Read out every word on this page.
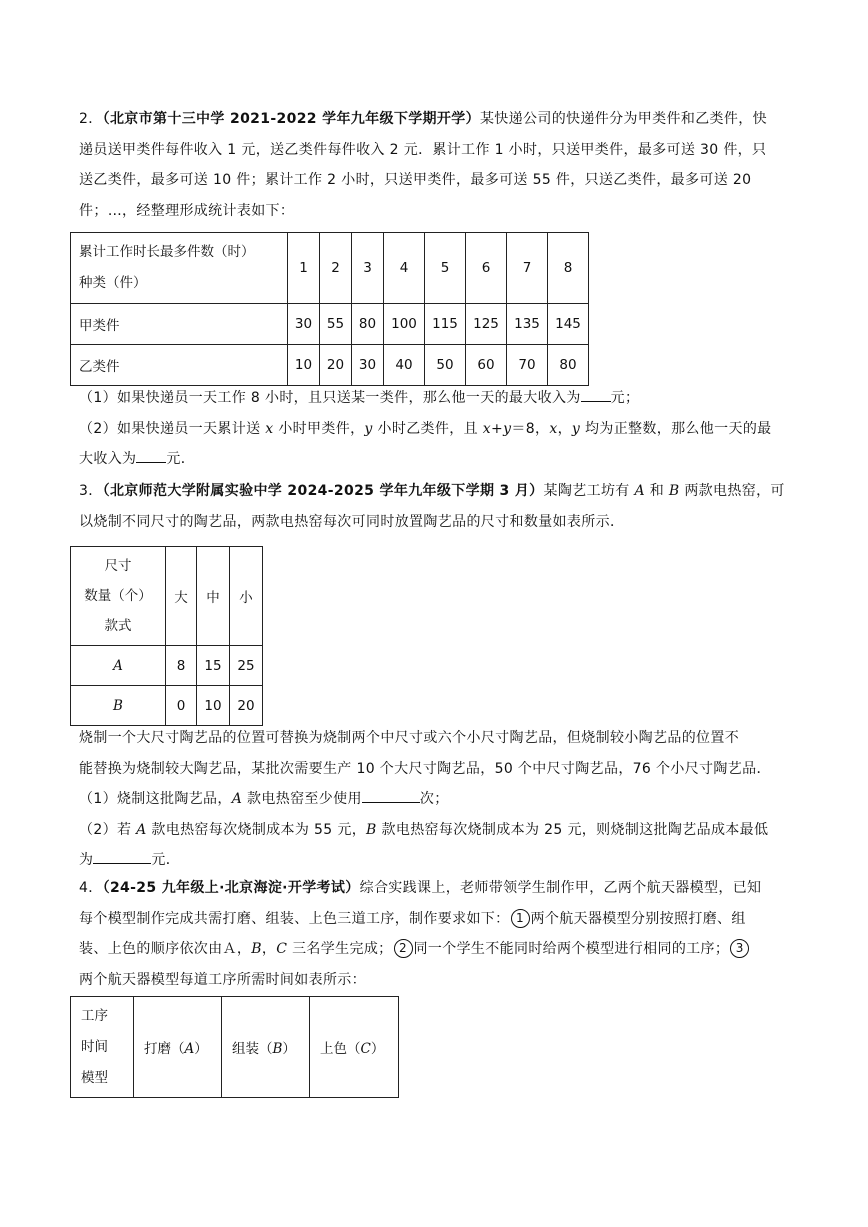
2．（北京市第十三中学 2021-2022 学年九年级下学期开学）某快递公司的快递件分为甲类件和乙类件，快
递员送甲类件每件收入 1 元，送乙类件每件收入 2 元．累计工作 1 小时，只送甲类件，最多可送 30 件，只
送乙类件，最多可送 10 件；累计工作 2 小时，只送甲类件，最多可送 55 件，只送乙类件，最多可送 20
件；…，经整理形成统计表如下：

累计工作时长最多件数（时）
种类（件）	1	2	3	4	5	6	7	8
甲类件	30	55	80	100	115	125	135	145
乙类件	10	20	30	40	50	60	70	80

（1）如果快递员一天工作 8 小时，且只送某一类件，那么他一天的最大收入为 元；
（2）如果快递员一天累计送 x 小时甲类件，y 小时乙类件，且 x+y＝8，x，y 均为正整数，那么他一天的最
大收入为 元．

3．（北京师范大学附属实验中学 2024-2025 学年九年级下学期 3 月）某陶艺工坊有 A 和 B 两款电热窑，可
以烧制不同尺寸的陶艺品，两款电热窑每次可同时放置陶艺品的尺寸和数量如表所示．

尺寸
数量（个）
款式	大	中	小
A	8	15	25
B	0	10	20

烧制一个大尺寸陶艺品的位置可替换为烧制两个中尺寸或六个小尺寸陶艺品，但烧制较小陶艺品的位置不
能替换为烧制较大陶艺品，某批次需要生产 10 个大尺寸陶艺品，50 个中尺寸陶艺品，76 个小尺寸陶艺品．
（1）烧制这批陶艺品，A 款电热窑至少使用	次；
（2）若 A 款电热窑每次烧制成本为 55 元，B 款电热窑每次烧制成本为 25 元，则烧制这批陶艺品成本最低
为	元．

4．（24-25 九年级上·北京海淀·开学考试）综合实践课上，老师带领学生制作甲，乙两个航天器模型，已知
每个模型制作完成共需打磨、组装、上色三道工序，制作要求如下： 1 两个航天器模型分别按照打磨、组
装、上色的顺序依次由Ａ，B，C 三名学生完成； 2 同一个学生不能同时给两个模型进行相同的工序； 3
两个航天器模型每道工序所需时间如表所示：

工序
时间
模型	打磨（A）	组装（B）	上色（C）
